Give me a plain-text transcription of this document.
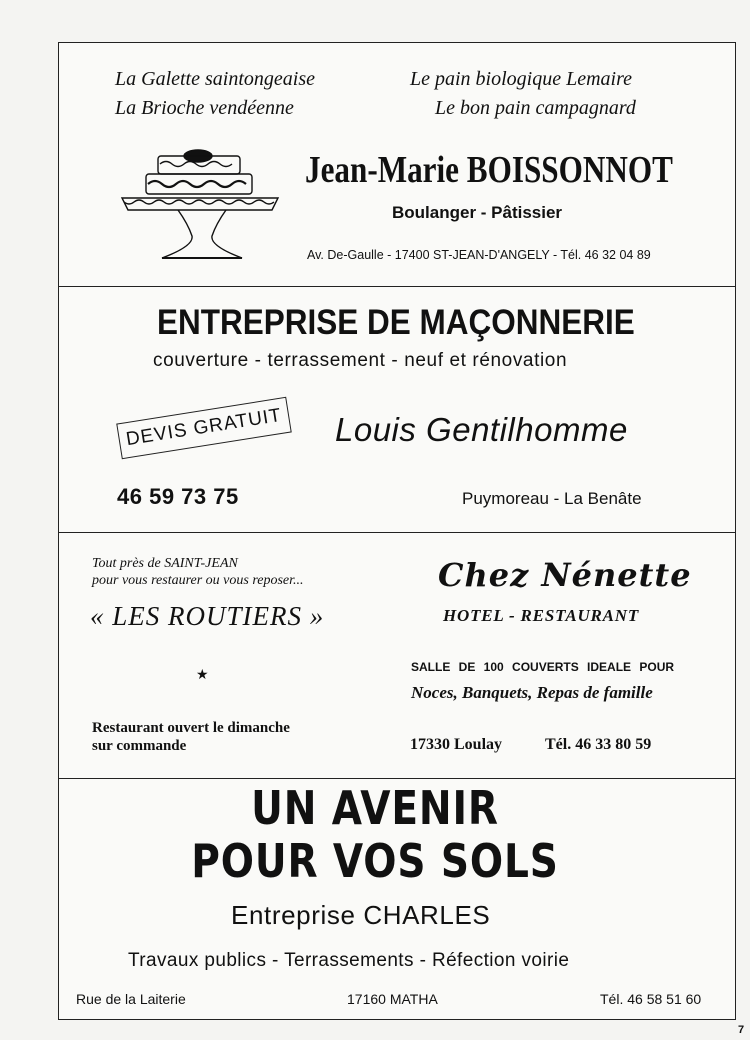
La Galette saintongeaise
La Brioche vendéenne
Le pain biologique Lemaire
Le bon pain campagnard
Jean-Marie BOISSONNOT
Boulanger - Pâtissier
Av. De-Gaulle - 17400 ST-JEAN-D'ANGELY - Tél. 46 32 04 89
ENTREPRISE DE MAÇONNERIE
couverture - terrassement - neuf et rénovation
DEVIS GRATUIT Louis Gentilhomme
46 59 73 75	Puymoreau - La Benâte
Tout près de SAINT-JEAN
pour vous restaurer ou vous reposer...
« LES ROUTIERS »
★
Chez Nénette
HOTEL - RESTAURANT
SALLE DE 100 COUVERTS IDEALE POUR
Noces, Banquets, Repas de famille
Restaurant ouvert le dimanche
sur commande	17330 Loulay	Tél. 46 33 80 59
UN AVENIR
POUR VOS SOLS
Entreprise CHARLES
Travaux publics - Terrassements - Réfection voirie
Rue de la Laiterie	17160 MATHA	Tél. 46 58 51 60
7
